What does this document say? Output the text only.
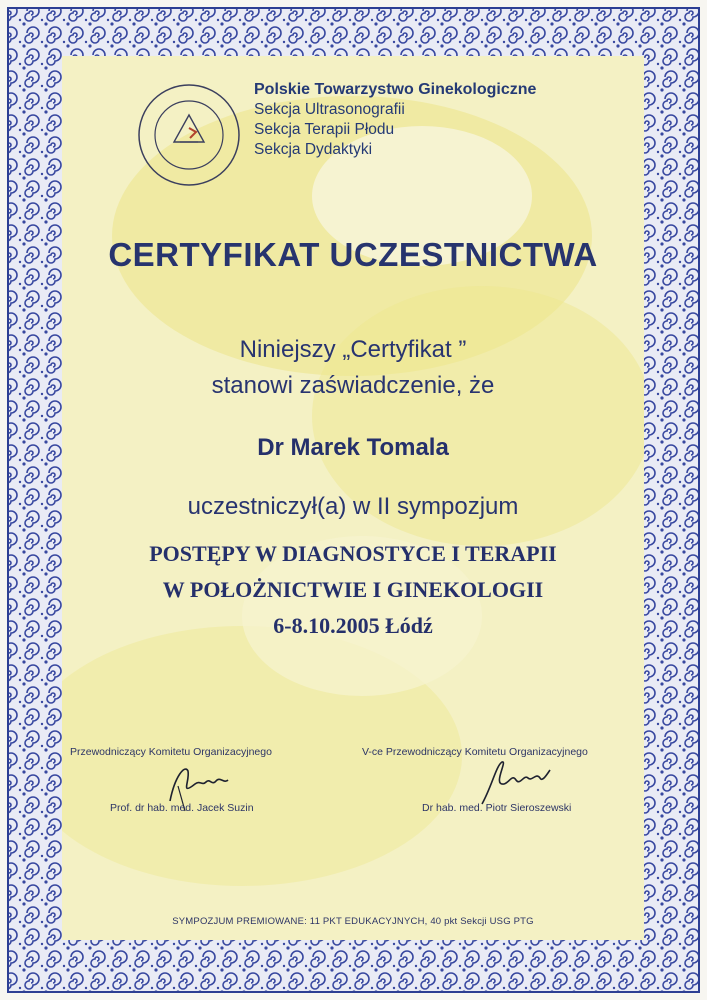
Polskie Towarzystwo Ginekologiczne
Sekcja Ultrasonografii
Sekcja Terapii Płodu
Sekcja Dydaktyki
CERTYFIKAT UCZESTNICTWA
Niniejszy „Certyfikat ”
stanowi zaświadczenie, że
Dr Marek Tomala
uczestniczył(a) w II sympozjum
POSTĘPY W DIAGNOSTYCE I TERAPII
W POŁOŻNICTWIE I GINEKOLOGII
6-8.10.2005 Łódź
Przewodniczący Komitetu Organizacyjnego
Prof. dr hab. med. Jacek Suzin
V-ce Przewodniczący Komitetu Organizacyjnego
Dr hab. med. Piotr Sieroszewski
SYMPOZJUM PREMIOWANE: 11 PKT EDUKACYJNYCH, 40 pkt Sekcji USG PTG
